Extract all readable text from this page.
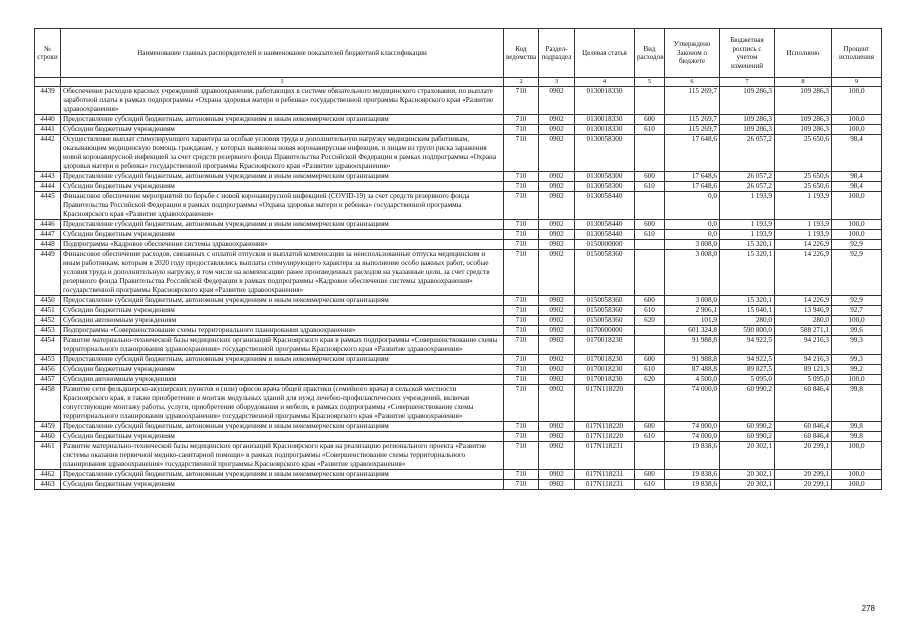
№ строки	Наименование главных распорядителей и наименование показателей бюджетной классификации	Код ведомства	Раздел-подраздел	Целевая статья	Вид расходов	Утверждено Законом о бюджете	Бюджетная роспись с учетом изменений	Исполнено	Процент исполнения
	1	2	3	4	5	6	7	8	9
4439	Обеспечение расходов красных учреждений здравоохранения, работающих в системе обязательного медицинского страхования, по выплате заработной платы в рамках подпрограммы «Охрана здоровья матери и ребенка» государственной программы Красноярского края «Развитие здравоохранения»	710	0902	0130018330		115 269,7	109 286,3	109 286,3	100,0
4440	Предоставление субсидий бюджетным, автономным учреждениям и иным некоммерческим организациям	710	0902	0130018330	600	115 269,7	109 286,3	109 286,3	100,0
4441	Субсидии бюджетным учреждениям	710	0902	0130018330	610	115 269,7	109 286,3	109 286,3	100,0
4442	Осуществление выплат стимулирующего характера за особые условия труда и дополнительную нагрузку медицинским работникам, оказывающим медицинскую помощь гражданам, у которых выявлена новая коронавирусная инфекция, и лицам из групп риска заражения новой коронавирусной инфекцией за счет средств резервного фонда Правительства Российской Федерации в рамках подпрограммы «Охрана здоровья матери и ребенка» государственной программы Красноярского края «Развитие здравоохранения»	710	0902	0130058300		17 648,6	26 057,2	25 650,6	98,4
4443	Предоставление субсидий бюджетным, автономным учреждениям и иным некоммерческим организациям	710	0902	0130058300	600	17 648,6	26 057,2	25 650,6	98,4
4444	Субсидии бюджетным учреждениям	710	0902	0130058300	610	17 648,6	26 057,2	25 650,6	98,4
4445	Финансовое обеспечение мероприятий по борьбе с новой коронавирусной инфекцией (COVID-19) за счет средств резервного фонда Правительства Российской Федерации в рамках подпрограммы «Охрана здоровья матери и ребенка» государственной программы Красноярского края «Развитие здравоохранения»	710	0902	0130058440		0,0	1 193,9	1 193,9	100,0
4446	Предоставление субсидий бюджетным, автономным учреждениям и иным некоммерческим организациям	710	0902	0130058440	600	0,0	1 193,9	1 193,9	100,0
4447	Субсидии бюджетным учреждениям	710	0902	0130058440	610	0,0	1 193,9	1 193,9	100,0
4448	Подпрограмма «Кадровое обеспечение системы здравоохранения»	710	0902	0150000000		3 008,0	15 320,1	14 226,9	92,9
4449	Финансовое обеспечение расходов, связанных с оплатой отпусков и выплатой компенсации за неиспользованные отпуска медицинским и иным работникам, которым в 2020 году предоставлялись выплаты стимулирующего характера за выполнение особо важных работ, особые условия труда и дополнительную нагрузку, в том числе на компенсацию ранее произведенных расходов на указанные цели, за счет средств резервного фонда Правительства Российской Федерации в рамках подпрограммы «Кадровое обеспечение системы здравоохранения» государственной программы Красноярского края «Развитие здравоохранения»	710	0902	0150058360		3 008,0	15 320,1	14 226,9	92,9
4450	Предоставление субсидий бюджетным, автономным учреждениям и иным некоммерческим организациям	710	0902	0150058360	600	3 008,0	15 320,1	14 226,9	92,9
4451	Субсидии бюджетным учреждениям	710	0902	0150058360	610	2 906,1	15 040,1	13 946,9	92,7
4452	Субсидии автономным учреждениям	710	0902	0150058360	620	101,9	280,0	280,0	100,0
4453	Подпрограмма «Совершенствование схемы территориального планирования здравоохранения»	710	0902	0170000000		601 324,8	590 800,0	588 271,1	99,6
4454	Развитие материально-технической базы медицинских организаций Красноярского края в рамках подпрограммы «Совершенствование схемы территориального планирования здравоохранения» государственной программы Красноярского края «Развитие здравоохранения»	710	0902	0170018230		91 988,8	94 922,5	94 216,3	99,3
4455	Предоставление субсидий бюджетным, автономным учреждениям и иным некоммерческим организациям	710	0902	0170018230	600	91 988,8	94 922,5	94 216,3	99,3
4456	Субсидии бюджетным учреждениям	710	0902	0170018230	610	87 488,8	89 827,5	89 121,3	99,2
4457	Субсидии автономным учреждениям	710	0902	0170018230	620	4 500,0	5 095,0	5 095,0	100,0
4458	Развитие сети фельдшерско-акушерских пунктов и (или) офисов врача общей практики (семейного врача) в сельской местности Красноярского края, в также приобретение и монтаж модульных зданий для нужд лечебно-профилактических учреждений, включая сопутствующие монтажу работы, услуги, приобретение оборудования и мебели, в рамках подпрограммы «Совершенствование схемы территориального планирования здравоохранения» государственной программы Красноярского края «Развитие здравоохранения»	710	0902	017N118220		74 000,0	60 990,2	60 846,4	99,8
4459	Предоставление субсидий бюджетным, автономным учреждениям и иным некоммерческим организациям	710	0902	017N118220	600	74 000,0	60 990,2	60 846,4	99,8
4460	Субсидии бюджетным учреждениям	710	0902	017N118220	610	74 000,0	60 990,2	60 846,4	99,8
4461	Развитие материально-технической базы медицинских организаций Красноярского края на реализацию регионального проекта «Развитие системы оказания первичной медико-санитарной помощи» в рамках подпрограммы «Совершенствование схемы территориального планирования здравоохранения» государственной программы Красноярского края «Развитие здравоохранения»	710	0902	017N118231		19 838,6	20 302,1	20 299,1	100,0
4462	Предоставление субсидий бюджетным, автономным учреждениям и иным некоммерческим организациям	710	0902	017N118231	600	19 838,6	20 302,1	20 299,1	100,0
4463	Субсидии бюджетным учреждениям	710	0902	017N118231	610	19 838,6	20 302,1	20 299,1	100,0
278
